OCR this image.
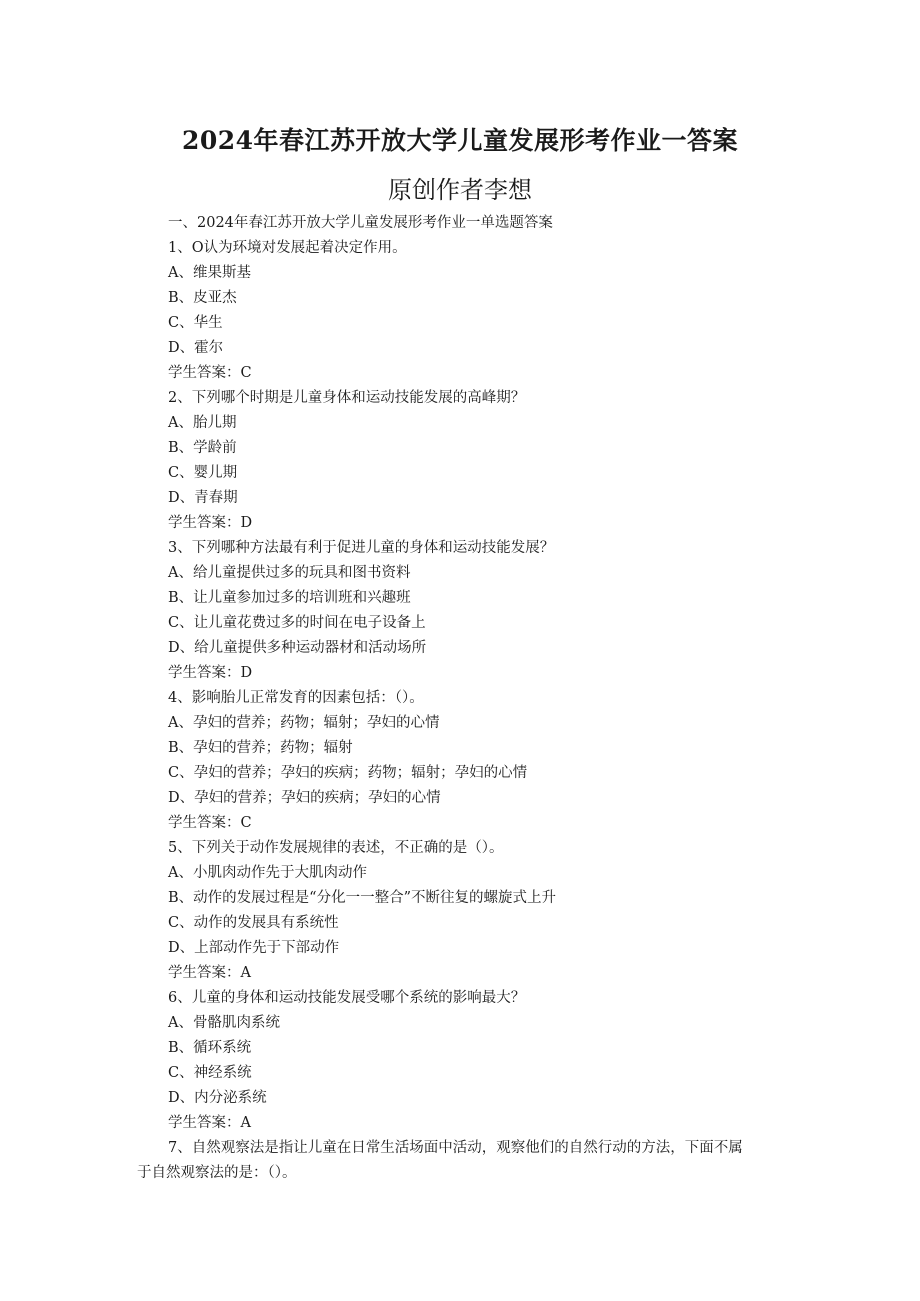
2024年春江苏开放大学儿童发展形考作业一答案
原创作者李想
一、2024年春江苏开放大学儿童发展形考作业一单选题答案
1、O认为环境对发展起着决定作用。
A、维果斯基
B、皮亚杰
C、华生
D、霍尔
学生答案：C
2、下列哪个时期是儿童身体和运动技能发展的高峰期？
A、胎儿期
B、学龄前
C、婴儿期
D、青春期
学生答案：D
3、下列哪种方法最有利于促进儿童的身体和运动技能发展？
A、给儿童提供过多的玩具和图书资料
B、让儿童参加过多的培训班和兴趣班
C、让儿童花费过多的时间在电子设备上
D、给儿童提供多种运动器材和活动场所
学生答案：D
4、影响胎儿正常发育的因素包括：（）。
A、孕妇的营养；药物；辐射；孕妇的心情
B、孕妇的营养；药物；辐射
C、孕妇的营养；孕妇的疾病；药物；辐射；孕妇的心情
D、孕妇的营养；孕妇的疾病；孕妇的心情
学生答案：C
5、下列关于动作发展规律的表述，不正确的是（）。
A、小肌肉动作先于大肌肉动作
B、动作的发展过程是“分化一一整合”不断往复的螺旋式上升
C、动作的发展具有系统性
D、上部动作先于下部动作
学生答案：A
6、儿童的身体和运动技能发展受哪个系统的影响最大？
A、骨骼肌肉系统
B、循环系统
C、神经系统
D、内分泌系统
学生答案：A
7、自然观察法是指让儿童在日常生活场面中活动，观察他们的自然行动的方法，下面不属
于自然观察法的是：（）。
